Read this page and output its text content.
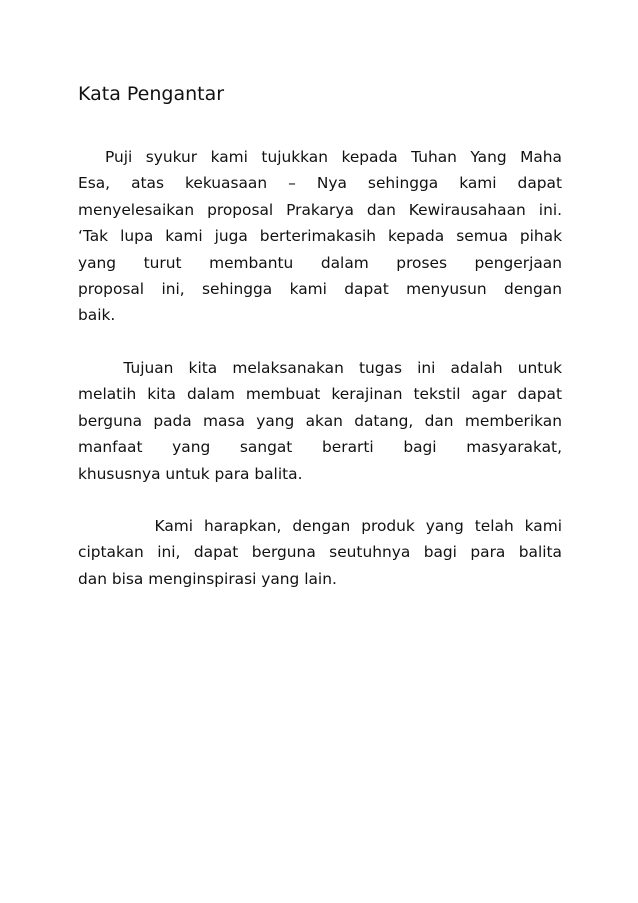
Kata Pengantar
Puji syukur kami tujukkan kepada Tuhan Yang Maha
Esa, atas kekuasaan – Nya sehingga kami dapat
menyelesaikan proposal Prakarya dan Kewirausahaan ini.
‘Tak lupa kami juga berterimakasih kepada semua pihak
yang turut membantu dalam proses pengerjaan
proposal ini, sehingga kami dapat menyusun dengan
baik.
Tujuan kita melaksanakan tugas ini adalah untuk
melatih kita dalam membuat kerajinan tekstil agar dapat
berguna pada masa yang akan datang, dan memberikan
manfaat yang sangat berarti bagi masyarakat,
khususnya untuk para balita.
Kami harapkan, dengan produk yang telah kami
ciptakan ini, dapat berguna seutuhnya bagi para balita
dan bisa menginspirasi yang lain.
